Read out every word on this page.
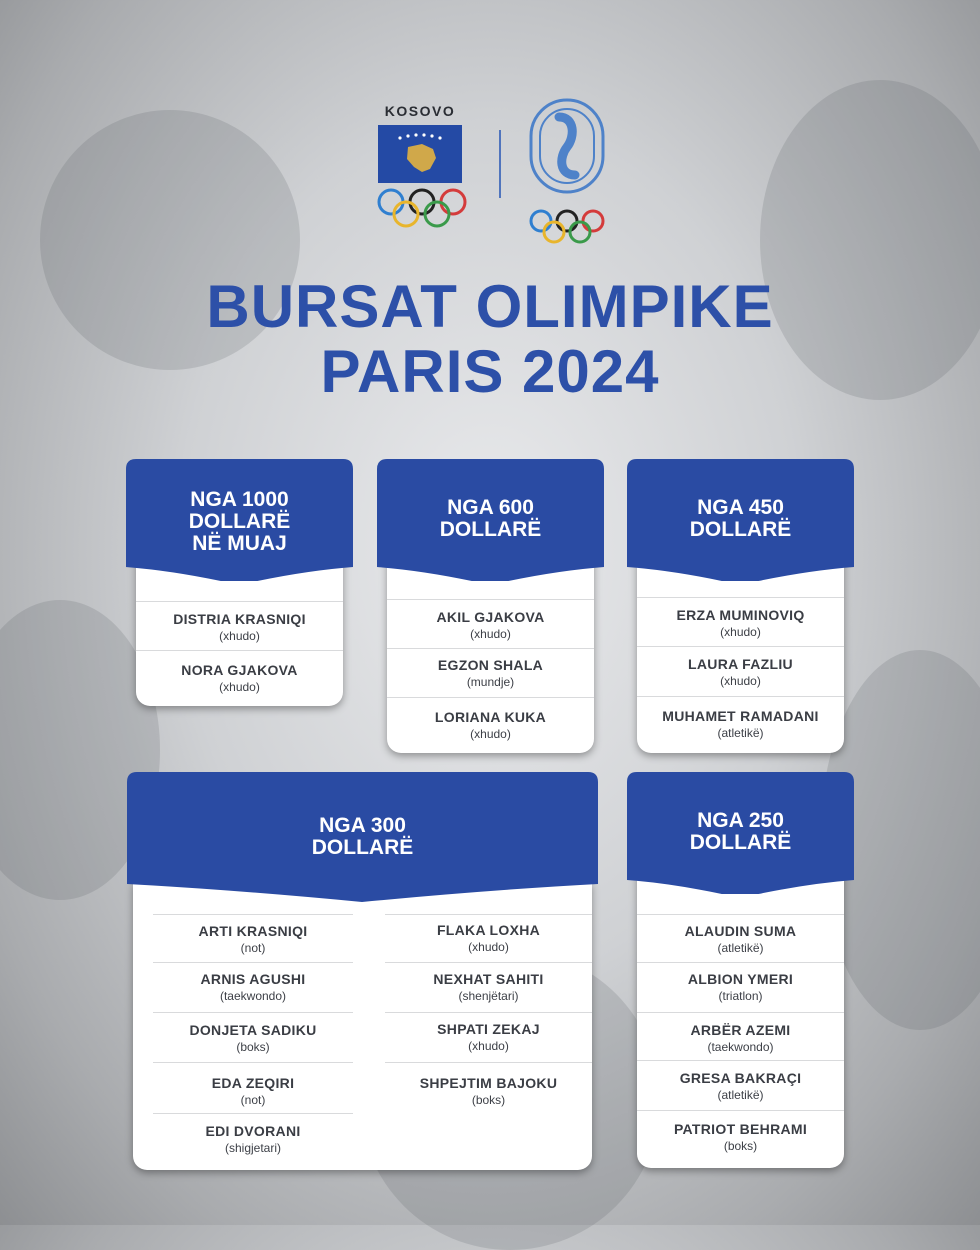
KOSOVO
BURSAT OLIMPIKE
PARIS 2024
NGA 1000
DOLLARË
NË MUAJ
DISTRIA KRASNIQI
(xhudo)
NORA GJAKOVA
(xhudo)
NGA 600
DOLLARË
AKIL GJAKOVA
(xhudo)
EGZON SHALA
(mundje)
LORIANA KUKA
(xhudo)
NGA 450
DOLLARË
ERZA MUMINOVIQ
(xhudo)
LAURA FAZLIU
(xhudo)
MUHAMET RAMADANI
(atletikë)
NGA 300
DOLLARË
ARTI KRASNIQI
(not)
ARNIS AGUSHI
(taekwondo)
DONJETA SADIKU
(boks)
EDA ZEQIRI
(not)
EDI DVORANI
(shigjetari)
FLAKA LOXHA
(xhudo)
NEXHAT SAHITI
(shenjëtari)
SHPATI ZEKAJ
(xhudo)
SHPEJTIM BAJOKU
(boks)
NGA 250
DOLLARË
ALAUDIN SUMA
(atletikë)
ALBION YMERI
(triatlon)
ARBËR AZEMI
(taekwondo)
GRESA BAKRAÇI
(atletikë)
PATRIOT BEHRAMI
(boks)
